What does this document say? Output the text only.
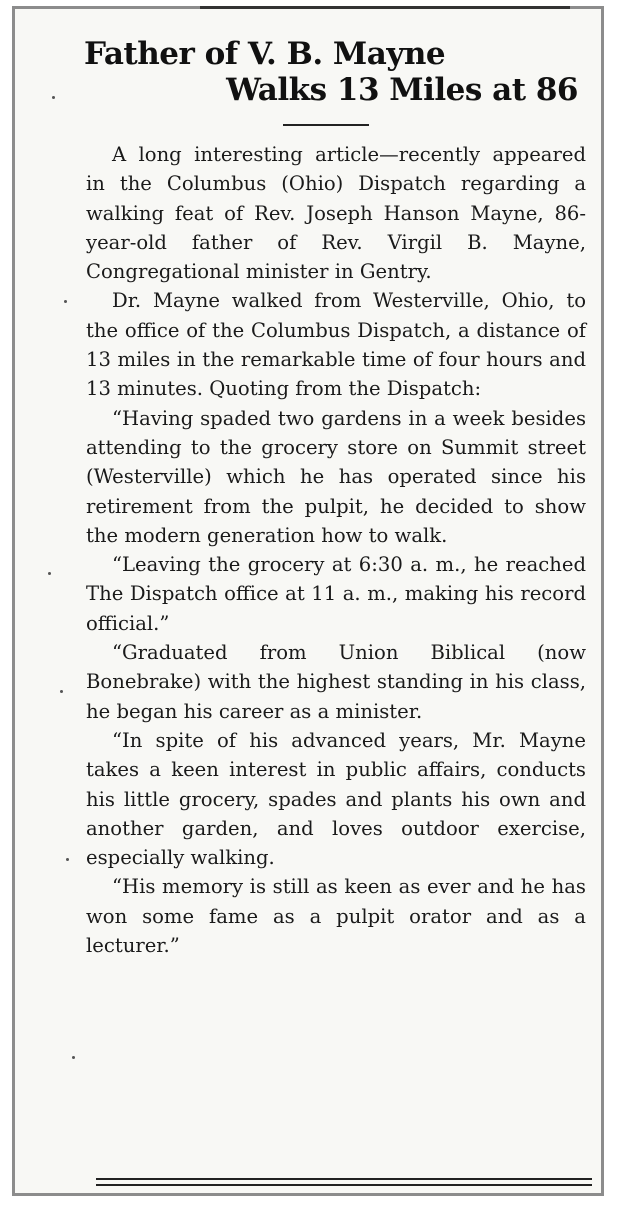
Father of V. B. Mayne
Walks 13 Miles at 86

A long interesting article—recently appeared in the Columbus (Ohio) Dispatch regarding a walking feat of Rev. Joseph Hanson Mayne, 86-year-old father of Rev. Virgil B. Mayne, Congregational minister in Gentry.

Dr. Mayne walked from Westerville, Ohio, to the office of the Columbus Dispatch, a distance of 13 miles in the remarkable time of four hours and 13 minutes. Quoting from the Dispatch:

“Having spaded two gardens in a week besides attending to the grocery store on Summit street (Westerville) which he has operated since his retirement from the pulpit, he decided to show the modern generation how to walk.

“Leaving the grocery at 6:30 a. m., he reached The Dispatch office at 11 a. m., making his record official.”

“Graduated from Union Biblical (now Bonebrake) with the highest standing in his class, he began his career as a minister.

“In spite of his advanced years, Mr. Mayne takes a keen interest in public affairs, conducts his little grocery, spades and plants his own and another garden, and loves outdoor exercise, especially walking.

“His memory is still as keen as ever and he has won some fame as a pulpit orator and as a lecturer.”
